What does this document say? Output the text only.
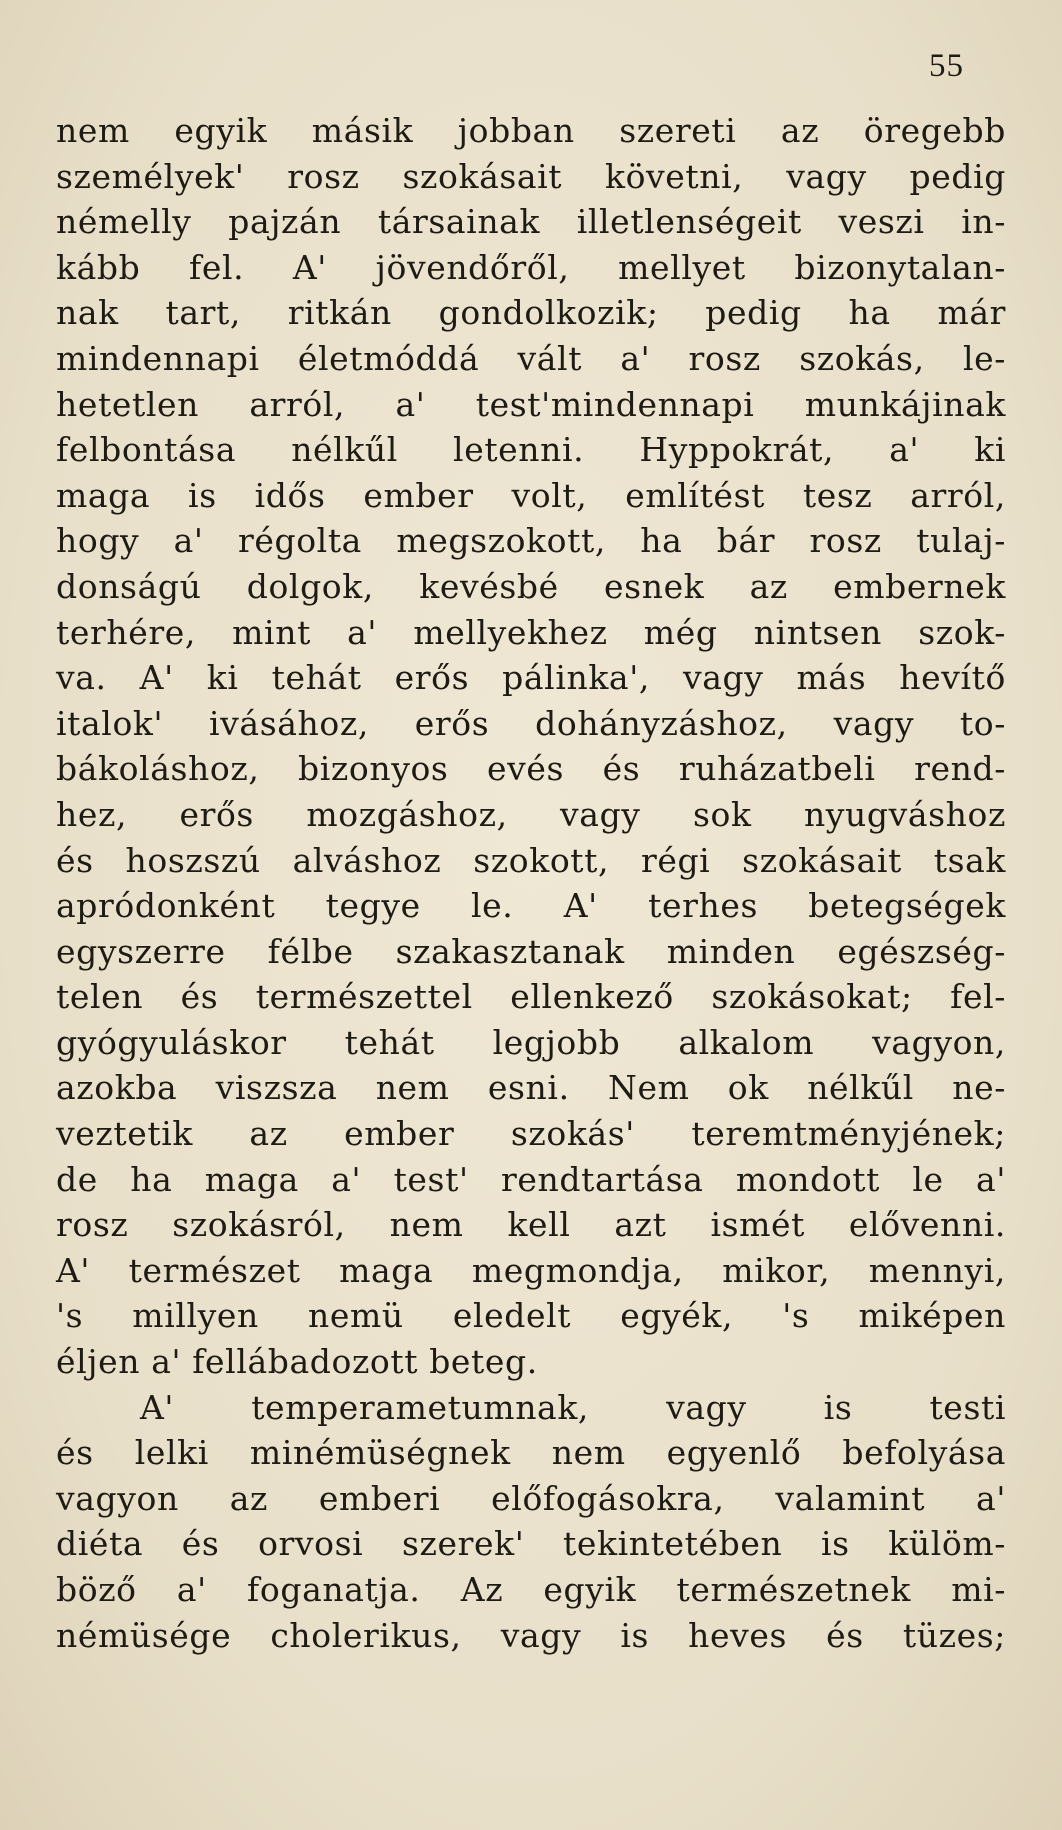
55
nem egyik másik jobban szereti az öregebb
személyek' rosz szokásait követni, vagy pedig
némelly pajzán társainak illetlenségeit veszi in-
kább fel. A' jövendőről, mellyet bizonytalan-
nak tart, ritkán gondolkozik; pedig ha már
mindennapi életmóddá vált a' rosz szokás, le-
hetetlen arról, a' test'mindennapi munkájinak
felbontása nélkűl letenni. Hyppokrát, a' ki
maga is idős ember volt, említést tesz arról,
hogy a' régolta megszokott, ha bár rosz tulaj-
donságú dolgok, kevésbé esnek az embernek
terhére, mint a' mellyekhez még nintsen szok-
va. A' ki tehát erős pálinka', vagy más hevítő
italok' ivásához, erős dohányzáshoz, vagy to-
bákoláshoz, bizonyos evés és ruházatbeli rend-
hez, erős mozgáshoz, vagy sok nyugváshoz
és hoszszú alváshoz szokott, régi szokásait tsak
apródonként tegye le. A' terhes betegségek
egyszerre félbe szakasztanak minden egészség-
telen és természettel ellenkező szokásokat; fel-
gyógyuláskor tehát legjobb alkalom vagyon,
azokba viszsza nem esni. Nem ok nélkűl ne-
veztetik az ember szokás' teremtményjének;
de ha maga a' test' rendtartása mondott le a'
rosz szokásról, nem kell azt ismét elővenni.
A' természet maga megmondja, mikor, mennyi,
's millyen nemü eledelt egyék, 's miképen
éljen a' fellábadozott beteg.
A' temperametumnak, vagy is testi
és lelki minémüségnek nem egyenlő befolyása
vagyon az emberi előfogásokra, valamint a'
diéta és orvosi szerek' tekintetében is külöm-
böző a' foganatja. Az egyik természetnek mi-
némüsége cholerikus, vagy is heves és tüzes;
